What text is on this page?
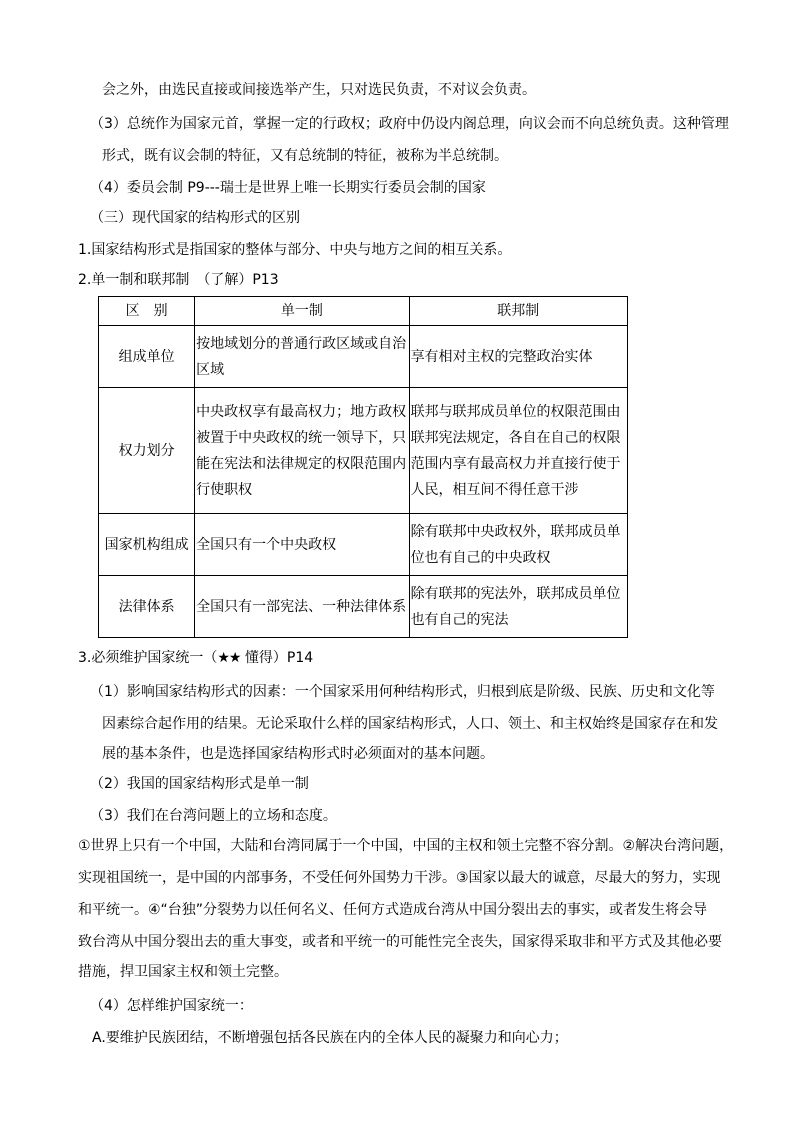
会之外，由选民直接或间接选举产生，只对选民负责，不对议会负责。
（3）总统作为国家元首，掌握一定的行政权；政府中仍设内阁总理，向议会而不向总统负责。这种管理
形式，既有议会制的特征，又有总统制的特征，被称为半总统制。
（4）委员会制 P9---瑞士是世界上唯一长期实行委员会制的国家
（三）现代国家的结构形式的区别
1.国家结构形式是指国家的整体与部分、中央与地方之间的相互关系。
2.单一制和联邦制　（了解）P13
区　别	单一制	联邦制
组成单位	按地域划分的普通行政区域或自治
区域	享有相对主权的完整政治实体
权力划分	中央政权享有最高权力；地方政权
被置于中央政权的统一领导下，只
能在宪法和法律规定的权限范围内
行使职权	联邦与联邦成员单位的权限范围由
联邦宪法规定，各自在自己的权限
范围内享有最高权力并直接行使于
人民，相互间不得任意干涉
国家机构组成	全国只有一个中央政权	除有联邦中央政权外，联邦成员单
位也有自己的中央政权
法律体系	全国只有一部宪法、一种法律体系	除有联邦的宪法外，联邦成员单位
也有自己的宪法
3.必须维护国家统一（★★ 懂得）P14
（1）影响国家结构形式的因素：一个国家采用何种结构形式，归根到底是阶级、民族、历史和文化等
因素综合起作用的结果。无论采取什么样的国家结构形式，人口、领土、和主权始终是国家存在和发
展的基本条件，也是选择国家结构形式时必须面对的基本问题。
（2）我国的国家结构形式是单一制
（3）我们在台湾问题上的立场和态度。
①世界上只有一个中国，大陆和台湾同属于一个中国，中国的主权和领土完整不容分割。②解决台湾问题，
实现祖国统一，是中国的内部事务，不受任何外国势力干涉。③国家以最大的诚意，尽最大的努力，实现
和平统一。④“台独”分裂势力以任何名义、任何方式造成台湾从中国分裂出去的事实，或者发生将会导
致台湾从中国分裂出去的重大事变，或者和平统一的可能性完全丧失，国家得采取非和平方式及其他必要
措施，捍卫国家主权和领土完整。
（4）怎样维护国家统一：
A.要维护民族团结，不断增强包括各民族在内的全体人民的凝聚力和向心力；
